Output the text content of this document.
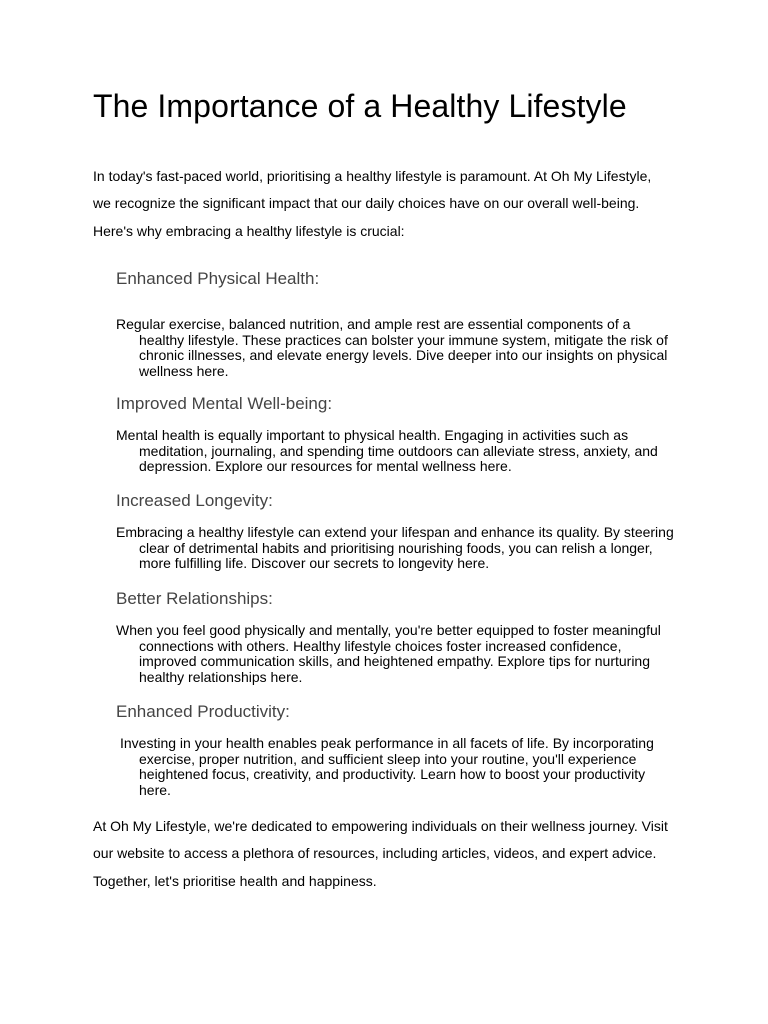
The Importance of a Healthy Lifestyle

In today's fast-paced world, prioritising a healthy lifestyle is paramount. At Oh My Lifestyle, we recognize the significant impact that our daily choices have on our overall well-being. Here's why embracing a healthy lifestyle is crucial:

Enhanced Physical Health:

Regular exercise, balanced nutrition, and ample rest are essential components of a healthy lifestyle. These practices can bolster your immune system, mitigate the risk of chronic illnesses, and elevate energy levels. Dive deeper into our insights on physical wellness here.

Improved Mental Well-being:

Mental health is equally important to physical health. Engaging in activities such as meditation, journaling, and spending time outdoors can alleviate stress, anxiety, and depression. Explore our resources for mental wellness here.

Increased Longevity:

Embracing a healthy lifestyle can extend your lifespan and enhance its quality. By steering clear of detrimental habits and prioritising nourishing foods, you can relish a longer, more fulfilling life. Discover our secrets to longevity here.

Better Relationships:

When you feel good physically and mentally, you're better equipped to foster meaningful connections with others. Healthy lifestyle choices foster increased confidence, improved communication skills, and heightened empathy. Explore tips for nurturing healthy relationships here.

Enhanced Productivity:

Investing in your health enables peak performance in all facets of life. By incorporating exercise, proper nutrition, and sufficient sleep into your routine, you'll experience heightened focus, creativity, and productivity. Learn how to boost your productivity here.

At Oh My Lifestyle, we're dedicated to empowering individuals on their wellness journey. Visit our website to access a plethora of resources, including articles, videos, and expert advice. Together, let's prioritise health and happiness.
